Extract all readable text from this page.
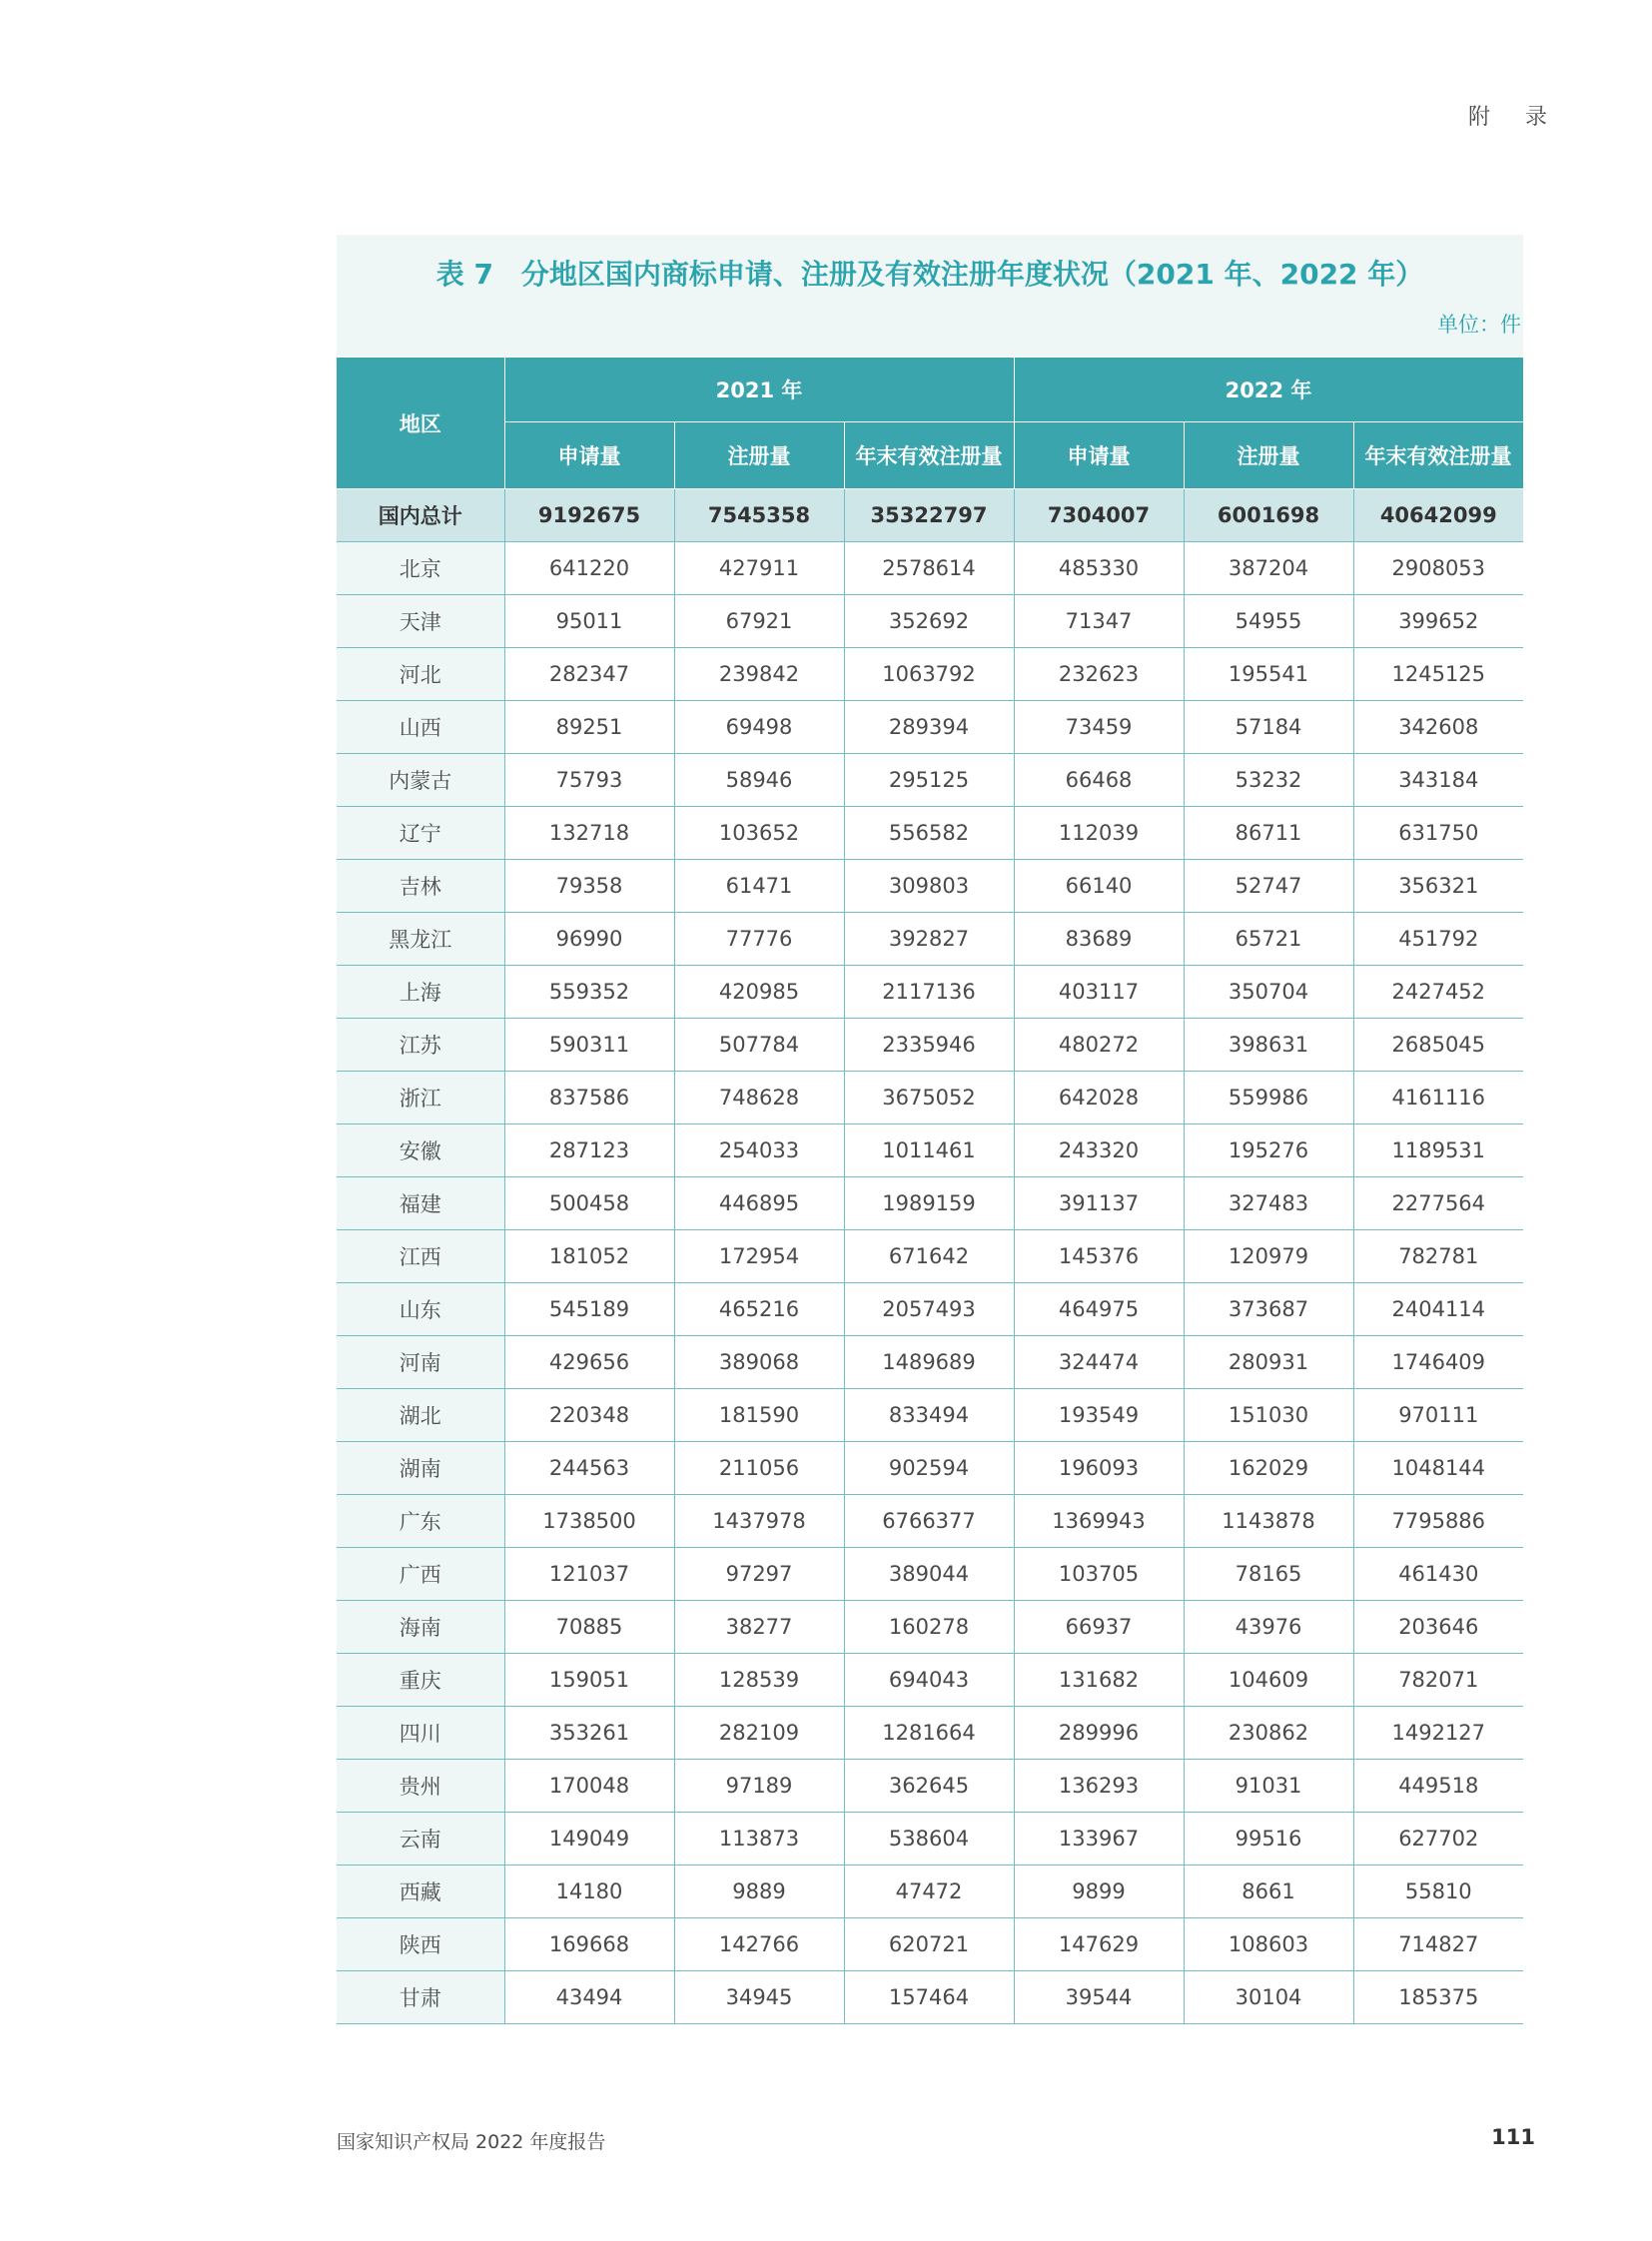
附 录
表 7　分地区国内商标申请、注册及有效注册年度状况（2021 年、2022 年）
单位：件
地区	2021 年			2022 年		
	申请量	注册量	年末有效注册量	申请量	注册量	年末有效注册量
国内总计	9192675	7545358	35322797	7304007	6001698	40642099
北京	641220	427911	2578614	485330	387204	2908053
天津	95011	67921	352692	71347	54955	399652
河北	282347	239842	1063792	232623	195541	1245125
山西	89251	69498	289394	73459	57184	342608
内蒙古	75793	58946	295125	66468	53232	343184
辽宁	132718	103652	556582	112039	86711	631750
吉林	79358	61471	309803	66140	52747	356321
黑龙江	96990	77776	392827	83689	65721	451792
上海	559352	420985	2117136	403117	350704	2427452
江苏	590311	507784	2335946	480272	398631	2685045
浙江	837586	748628	3675052	642028	559986	4161116
安徽	287123	254033	1011461	243320	195276	1189531
福建	500458	446895	1989159	391137	327483	2277564
江西	181052	172954	671642	145376	120979	782781
山东	545189	465216	2057493	464975	373687	2404114
河南	429656	389068	1489689	324474	280931	1746409
湖北	220348	181590	833494	193549	151030	970111
湖南	244563	211056	902594	196093	162029	1048144
广东	1738500	1437978	6766377	1369943	1143878	7795886
广西	121037	97297	389044	103705	78165	461430
海南	70885	38277	160278	66937	43976	203646
重庆	159051	128539	694043	131682	104609	782071
四川	353261	282109	1281664	289996	230862	1492127
贵州	170048	97189	362645	136293	91031	449518
云南	149049	113873	538604	133967	99516	627702
西藏	14180	9889	47472	9899	8661	55810
陕西	169668	142766	620721	147629	108603	714827
甘肃	43494	34945	157464	39544	30104	185375
国家知识产权局 2022 年度报告	111
